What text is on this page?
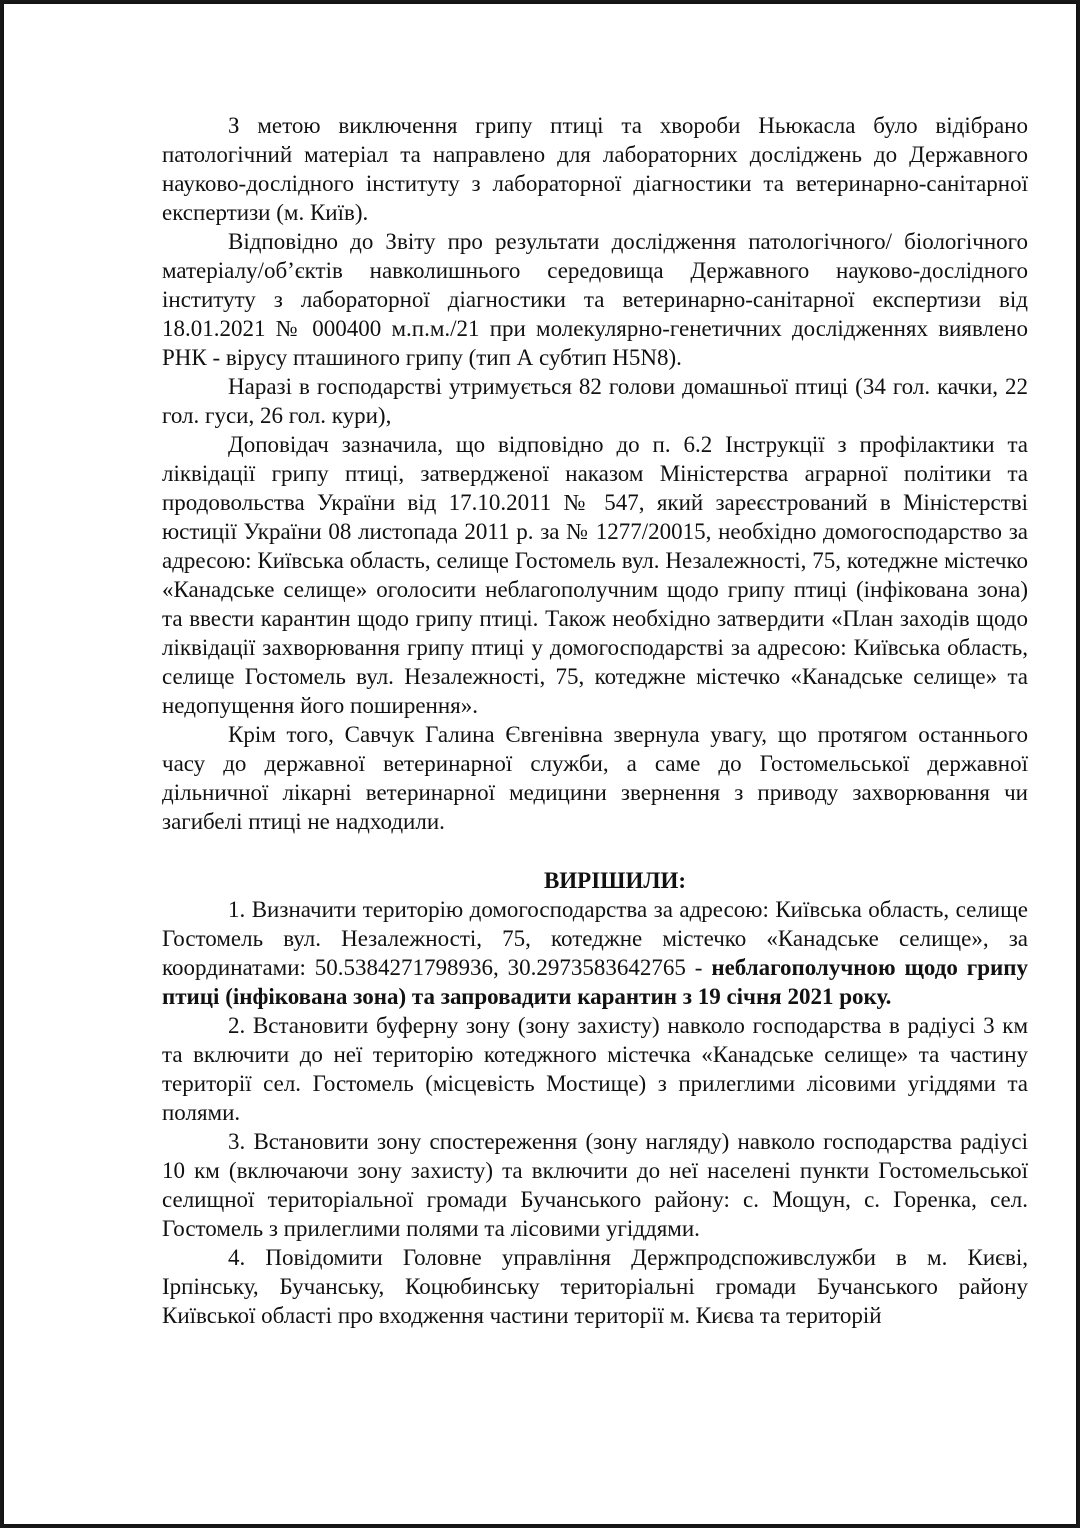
З метою виключення грипу птиці та хвороби Ньюкасла було відібрано патологічний матеріал та направлено для лабораторних досліджень до Державного науково-дослідного інституту з лабораторної діагностики та ветеринарно-санітарної експертизи (м. Київ).

Відповідно до Звіту про результати дослідження патологічного/ біологічного матеріалу/об’єктів навколишнього середовища Державного науково-дослідного інституту з лабораторної діагностики та ветеринарно-санітарної експертизи від 18.01.2021 № 000400 м.п.м./21 при молекулярно-генетичних дослідженнях виявлено РНК - вірусу пташиного грипу (тип А субтип H5N8).

Наразі в господарстві утримується 82 голови домашньої птиці (34 гол. качки, 22 гол. гуси, 26 гол. кури),

Доповідач зазначила, що відповідно до п. 6.2 Інструкції з профілактики та ліквідації грипу птиці, затвердженої наказом Міністерства аграрної політики та продовольства України від 17.10.2011 № 547, який зареєстрований в Міністерстві юстиції України 08 листопада 2011 р. за № 1277/20015, необхідно домогосподарство за адресою: Київська область, селище Гостомель вул. Незалежності, 75, котеджне містечко «Канадське селище» оголосити неблагополучним щодо грипу птиці (інфікована зона) та ввести карантин щодо грипу птиці. Також необхідно затвердити «План заходів щодо ліквідації захворювання грипу птиці у домогосподарстві за адресою: Київська область, селище Гостомель вул. Незалежності, 75, котеджне містечко «Канадське селище» та недопущення його поширення».

Крім того, Савчук Галина Євгенівна звернула увагу, що протягом останнього часу до державної ветеринарної служби, а саме до Гостомельської державної дільничної лікарні ветеринарної медицини звернення з приводу захворювання чи загибелі птиці не надходили.

ВИРІШИЛИ:

1. Визначити територію домогосподарства за адресою: Київська область, селище Гостомель вул. Незалежності, 75, котеджне містечко «Канадське селище», за координатами: 50.5384271798936, 30.2973583642765 - неблагополучною щодо грипу птиці (інфікована зона) та запровадити карантин з 19 січня 2021 року.

2. Встановити буферну зону (зону захисту) навколо господарства в радіусі 3 км та включити до неї територію котеджного містечка «Канадське селище» та частину території сел. Гостомель (місцевість Мостище) з прилеглими лісовими угіддями та полями.

3. Встановити зону спостереження (зону нагляду) навколо господарства радіусі 10 км (включаючи зону захисту) та включити до неї населені пункти Гостомельської селищної територіальної громади Бучанського району: с. Мощун, с. Горенка, сел. Гостомель з прилеглими полями та лісовими угіддями.

4. Повідомити Головне управління Держпродспоживслужби в м. Києві, Ірпінську, Бучанську, Коцюбинську територіальні громади Бучанського району Київської області про входження частини території м. Києва та територій
